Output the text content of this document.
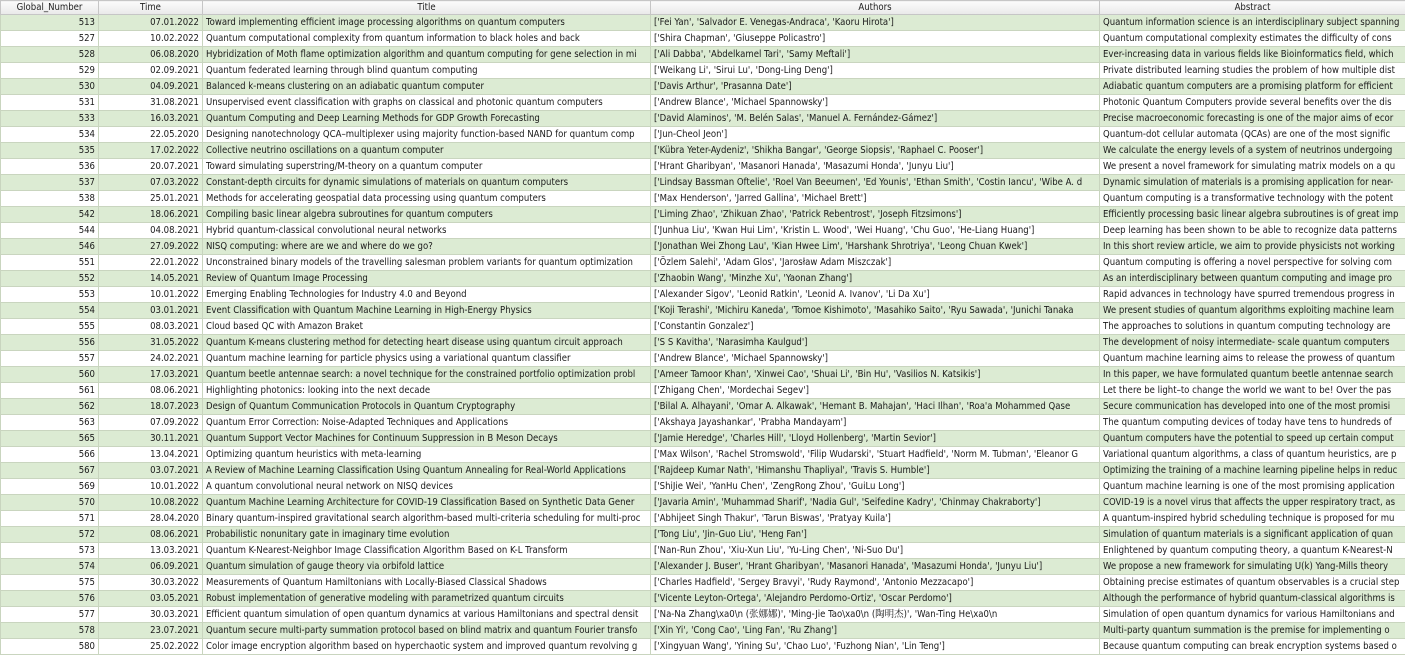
Global_Number	Time	Title	Authors	Abstract
513	07.01.2022	Toward implementing efficient image processing algorithms on quantum computers	['Fei Yan', 'Salvador E. Venegas-Andraca', 'Kaoru Hirota']	Quantum information science is an interdisciplinary subject spanning
527	10.02.2022	Quantum computational complexity from quantum information to black holes and back	['Shira Chapman', 'Giuseppe Policastro']	Quantum computational complexity estimates the difficulty of cons
528	06.08.2020	Hybridization of Moth flame optimization algorithm and quantum computing for gene selection in mi	['Ali Dabba', 'Abdelkamel Tari', 'Samy Meftali']	Ever-increasing data in various fields like Bioinformatics field, which
529	02.09.2021	Quantum federated learning through blind quantum computing	['Weikang Li', 'Sirui Lu', 'Dong-Ling Deng']	Private distributed learning studies the problem of how multiple dist
530	04.09.2021	Balanced k-means clustering on an adiabatic quantum computer	['Davis Arthur', 'Prasanna Date']	Adiabatic quantum computers are a promising platform for efficient
531	31.08.2021	Unsupervised event classification with graphs on classical and photonic quantum computers	['Andrew Blance', 'Michael Spannowsky']	Photonic Quantum Computers provide several benefits over the dis
533	16.03.2021	Quantum Computing and Deep Learning Methods for GDP Growth Forecasting	['David Alaminos', 'M. Belén Salas', 'Manuel A. Fernández-Gámez']	Precise macroeconomic forecasting is one of the major aims of ecor
534	22.05.2020	Designing nanotechnology QCA–multiplexer using majority function-based NAND for quantum comp	['Jun-Cheol Jeon']	Quantum-dot cellular automata (QCAs) are one of the most signific
535	17.02.2022	Collective neutrino oscillations on a quantum computer	['Kübra Yeter-Aydeniz', 'Shikha Bangar', 'George Siopsis', 'Raphael C. Pooser']	We calculate the energy levels of a system of neutrinos undergoing
536	20.07.2021	Toward simulating superstring/M-theory on a quantum computer	['Hrant Gharibyan', 'Masanori Hanada', 'Masazumi Honda', 'Junyu Liu']	We present a novel framework for simulating matrix models on a qu
537	07.03.2022	Constant-depth circuits for dynamic simulations of materials on quantum computers	['Lindsay Bassman Oftelie', 'Roel Van Beeumen', 'Ed Younis', 'Ethan Smith', 'Costin Iancu', 'Wibe A. d	Dynamic simulation of materials is a promising application for near-
538	25.01.2021	Methods for accelerating geospatial data processing using quantum computers	['Max Henderson', 'Jarred Gallina', 'Michael Brett']	Quantum computing is a transformative technology with the potent
542	18.06.2021	Compiling basic linear algebra subroutines for quantum computers	['Liming Zhao', 'Zhikuan Zhao', 'Patrick Rebentrost', 'Joseph Fitzsimons']	Efficiently processing basic linear algebra subroutines is of great imp
544	04.08.2021	Hybrid quantum-classical convolutional neural networks	['Junhua Liu', 'Kwan Hui Lim', 'Kristin L. Wood', 'Wei Huang', 'Chu Guo', 'He-Liang Huang']	Deep learning has been shown to be able to recognize data patterns
546	27.09.2022	NISQ computing: where are we and where do we go?	['Jonathan Wei Zhong Lau', 'Kian Hwee Lim', 'Harshank Shrotriya', 'Leong Chuan Kwek']	In this short review article, we aim to provide physicists not working
551	22.01.2022	Unconstrained binary models of the travelling salesman problem variants for quantum optimization	['Özlem Salehi', 'Adam Glos', 'Jarosław Adam Miszczak']	Quantum computing is offering a novel perspective for solving com
552	14.05.2021	Review of Quantum Image Processing	['Zhaobin Wang', 'Minzhe Xu', 'Yaonan Zhang']	As an interdisciplinary between quantum computing and image pro
553	10.01.2022	Emerging Enabling Technologies for Industry 4.0 and Beyond	['Alexander Sigov', 'Leonid Ratkin', 'Leonid A. Ivanov', 'Li Da Xu']	Rapid advances in technology have spurred tremendous progress in
554	03.01.2021	Event Classification with Quantum Machine Learning in High-Energy Physics	['Koji Terashi', 'Michiru Kaneda', 'Tomoe Kishimoto', 'Masahiko Saito', 'Ryu Sawada', 'Junichi Tanaka	We present studies of quantum algorithms exploiting machine learn
555	08.03.2021	Cloud based QC with Amazon Braket	['Constantin Gonzalez']	The approaches to solutions in quantum computing technology are
556	31.05.2022	Quantum K-means clustering method for detecting heart disease using quantum circuit approach	['S S Kavitha', 'Narasimha Kaulgud']	The development of noisy intermediate- scale quantum computers
557	24.02.2021	Quantum machine learning for particle physics using a variational quantum classifier	['Andrew Blance', 'Michael Spannowsky']	Quantum machine learning aims to release the prowess of quantum
560	17.03.2021	Quantum beetle antennae search: a novel technique for the constrained portfolio optimization probl	['Ameer Tamoor Khan', 'Xinwei Cao', 'Shuai Li', 'Bin Hu', 'Vasilios N. Katsikis']	In this paper, we have formulated quantum beetle antennae search
561	08.06.2021	Highlighting photonics: looking into the next decade	['Zhigang Chen', 'Mordechai Segev']	Let there be light–to change the world we want to be! Over the pas
562	18.07.2023	Design of Quantum Communication Protocols in Quantum Cryptography	['Bilal A. Alhayani', 'Omar A. Alkawak', 'Hemant B. Mahajan', 'Haci Ilhan', 'Roa'a Mohammed Qase	Secure communication has developed into one of the most promisi
563	07.09.2022	Quantum Error Correction: Noise-Adapted Techniques and Applications	['Akshaya Jayashankar', 'Prabha Mandayam']	The quantum computing devices of today have tens to hundreds of
565	30.11.2021	Quantum Support Vector Machines for Continuum Suppression in B Meson Decays	['Jamie Heredge', 'Charles Hill', 'Lloyd Hollenberg', 'Martin Sevior']	Quantum computers have the potential to speed up certain comput
566	13.04.2021	Optimizing quantum heuristics with meta-learning	['Max Wilson', 'Rachel Stromswold', 'Filip Wudarski', 'Stuart Hadfield', 'Norm M. Tubman', 'Eleanor G	Variational quantum algorithms, a class of quantum heuristics, are p
567	03.07.2021	A Review of Machine Learning Classification Using Quantum Annealing for Real-World Applications	['Rajdeep Kumar Nath', 'Himanshu Thapliyal', 'Travis S. Humble']	Optimizing the training of a machine learning pipeline helps in reduc
569	10.01.2022	A quantum convolutional neural network on NISQ devices	['ShiJie Wei', 'YanHu Chen', 'ZengRong Zhou', 'GuiLu Long']	Quantum machine learning is one of the most promising application
570	10.08.2022	Quantum Machine Learning Architecture for COVID-19 Classification Based on Synthetic Data Gener	['Javaria Amin', 'Muhammad Sharif', 'Nadia Gul', 'Seifedine Kadry', 'Chinmay Chakraborty']	COVID-19 is a novel virus that affects the upper respiratory tract, as
571	28.04.2020	Binary quantum-inspired gravitational search algorithm-based multi-criteria scheduling for multi-proc	['Abhijeet Singh Thakur', 'Tarun Biswas', 'Pratyay Kuila']	A quantum-inspired hybrid scheduling technique is proposed for mu
572	08.06.2021	Probabilistic nonunitary gate in imaginary time evolution	['Tong Liu', 'Jin-Guo Liu', 'Heng Fan']	Simulation of quantum materials is a significant application of quan
573	13.03.2021	Quantum K-Nearest-Neighbor Image Classification Algorithm Based on K-L Transform	['Nan-Run Zhou', 'Xiu-Xun Liu', 'Yu-Ling Chen', 'Ni-Suo Du']	Enlightened by quantum computing theory, a quantum K-Nearest-N
574	06.09.2021	Quantum simulation of gauge theory via orbifold lattice	['Alexander J. Buser', 'Hrant Gharibyan', 'Masanori Hanada', 'Masazumi Honda', 'Junyu Liu']	We propose a new framework for simulating U(k) Yang-Mills theory
575	30.03.2022	Measurements of Quantum Hamiltonians with Locally-Biased Classical Shadows	['Charles Hadfield', 'Sergey Bravyi', 'Rudy Raymond', 'Antonio Mezzacapo']	Obtaining precise estimates of quantum observables is a crucial step
576	03.05.2021	Robust implementation of generative modeling with parametrized quantum circuits	['Vicente Leyton-Ortega', 'Alejandro Perdomo-Ortiz', 'Oscar Perdomo']	Although the performance of hybrid quantum-classical algorithms is
577	30.03.2021	Efficient quantum simulation of open quantum dynamics at various Hamiltonians and spectral densit	['Na-Na Zhang\xa0\n (张娜娜)', 'Ming-Jie Tao\xa0\n (陶明杰)', 'Wan-Ting He\xa0\n	Simulation of open quantum dynamics for various Hamiltonians and
578	23.07.2021	Quantum secure multi-party summation protocol based on blind matrix and quantum Fourier transfo	['Xin Yi', 'Cong Cao', 'Ling Fan', 'Ru Zhang']	Multi-party quantum summation is the premise for implementing o
580	25.02.2022	Color image encryption algorithm based on hyperchaotic system and improved quantum revolving g	['Xingyuan Wang', 'Yining Su', 'Chao Luo', 'Fuzhong Nian', 'Lin Teng']	Because quantum computing can break encryption systems based o
